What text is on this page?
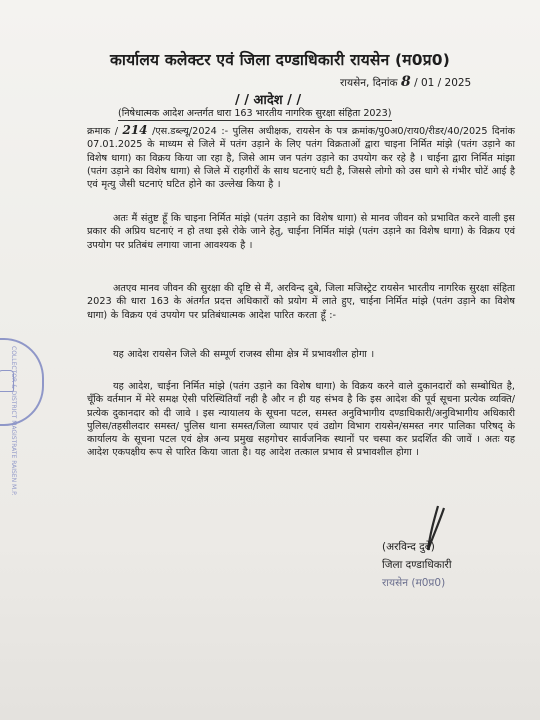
कार्यालय कलेक्टर एवं जिला दण्डाधिकारी रायसेन (म0प्र0)
रायसेन, दिनांक 8 / 01 / 2025
/ / आदेश / /
(निषेधात्मक आदेश अन्तर्गत धारा 163 भारतीय नागरिक सुरक्षा संहिता 2023)
क्रमाक / 214 /एस.डब्ल्यू/2024 :- पुलिस अधीक्षक, रायसेन के पत्र क्रमांक/पु0अ0/राय0/रीडर/40/2025 दिनांक 07.01.2025 के माध्यम से जिले में पतंग उड़ाने के लिए पतंग विक्रताओं द्वारा चाइना निर्मित मांझे (पतंग उड़ाने का विशेष धागा) का विक्रय किया जा रहा है, जिसे आम जन पतंग उड़ाने का उपयोग कर रहे है । चाईना द्वारा निर्मित मांझा (पतंग उड़ाने का विशेष धागा) से जिले में राहगीरों के साथ घटनाएं घटी है, जिससे लोगो को उस धागे से गंभीर चोटें आई है एवं मृत्यु जैसी घटनाएं घटित होने का उल्लेख किया है ।
अतः मैं संतुष्ट हूँ कि चाइना निर्मित मांझे (पतंग उड़ाने का विशेष धागा) से मानव जीवन को प्रभावित करने वाली इस प्रकार की अप्रिय घटनाएं न हो तथा इसे रोके जाने हेतु, चाईना निर्मित मांझे (पतंग उड़ाने का विशेष धागा) के विक्रय एवं उपयोग पर प्रतिबंध लगाया जाना आवश्यक है ।
अतएव मानव जीवन की सुरक्षा की दृष्टि से मैं, अरविन्द दुबे, जिला मजिस्ट्रेट रायसेन भारतीय नागरिक सुरक्षा संहिता 2023 की धारा 163 के अंतर्गत प्रदत्त अधिकारों को प्रयोग में लाते हुए, चाईना निर्मित मांझे (पतंग उड़ाने का विशेष धागा) के विक्रय एवं उपयोग पर प्रतिबंधात्मक आदेश पारित करता हूँ :-
यह आदेश रायसेन जिले की सम्पूर्ण राजस्व सीमा क्षेत्र में प्रभावशील होगा ।
यह आदेश, चाईना निर्मित मांझे (पतंग उड़ाने का विशेष धागा) के विक्रय करने वाले दुकानदारों को सम्बोधित है, चूँकि वर्तमान में मेरे समक्ष ऐसी परिस्थितियाँ नही है और न ही यह संभव है कि इस आदेश की पूर्व सूचना प्रत्येक व्यक्ति/प्रत्येक दुकानदार को दी जावे । इस न्यायालय के सूचना पटल, समस्त अनुविभागीय दण्डाधिकारी/अनुविभागीय अधिकारी पुलिस/तहसीलदार समस्त/ पुलिस थाना समस्त/जिला व्यापार एवं उद्योग विभाग रायसेन/समस्त नगर पालिका परिषद् के कार्यालय के सूचना पटल एवं क्षेत्र अन्य प्रमुख सहगोचर सार्वजनिक स्थानों पर चस्पा कर प्रदर्शित की जावें । अतः यह आदेश एकपक्षीय रूप से पारित किया जाता है। यह आदेश तत्काल प्रभाव से प्रभावशील होगा ।
COLLECTOR & DISTRICT MAGISTRATE RAISEN M.P.
(अरविन्द दुबे)
जिला दण्डाधिकारी
रायसेन (म0प्र0)
